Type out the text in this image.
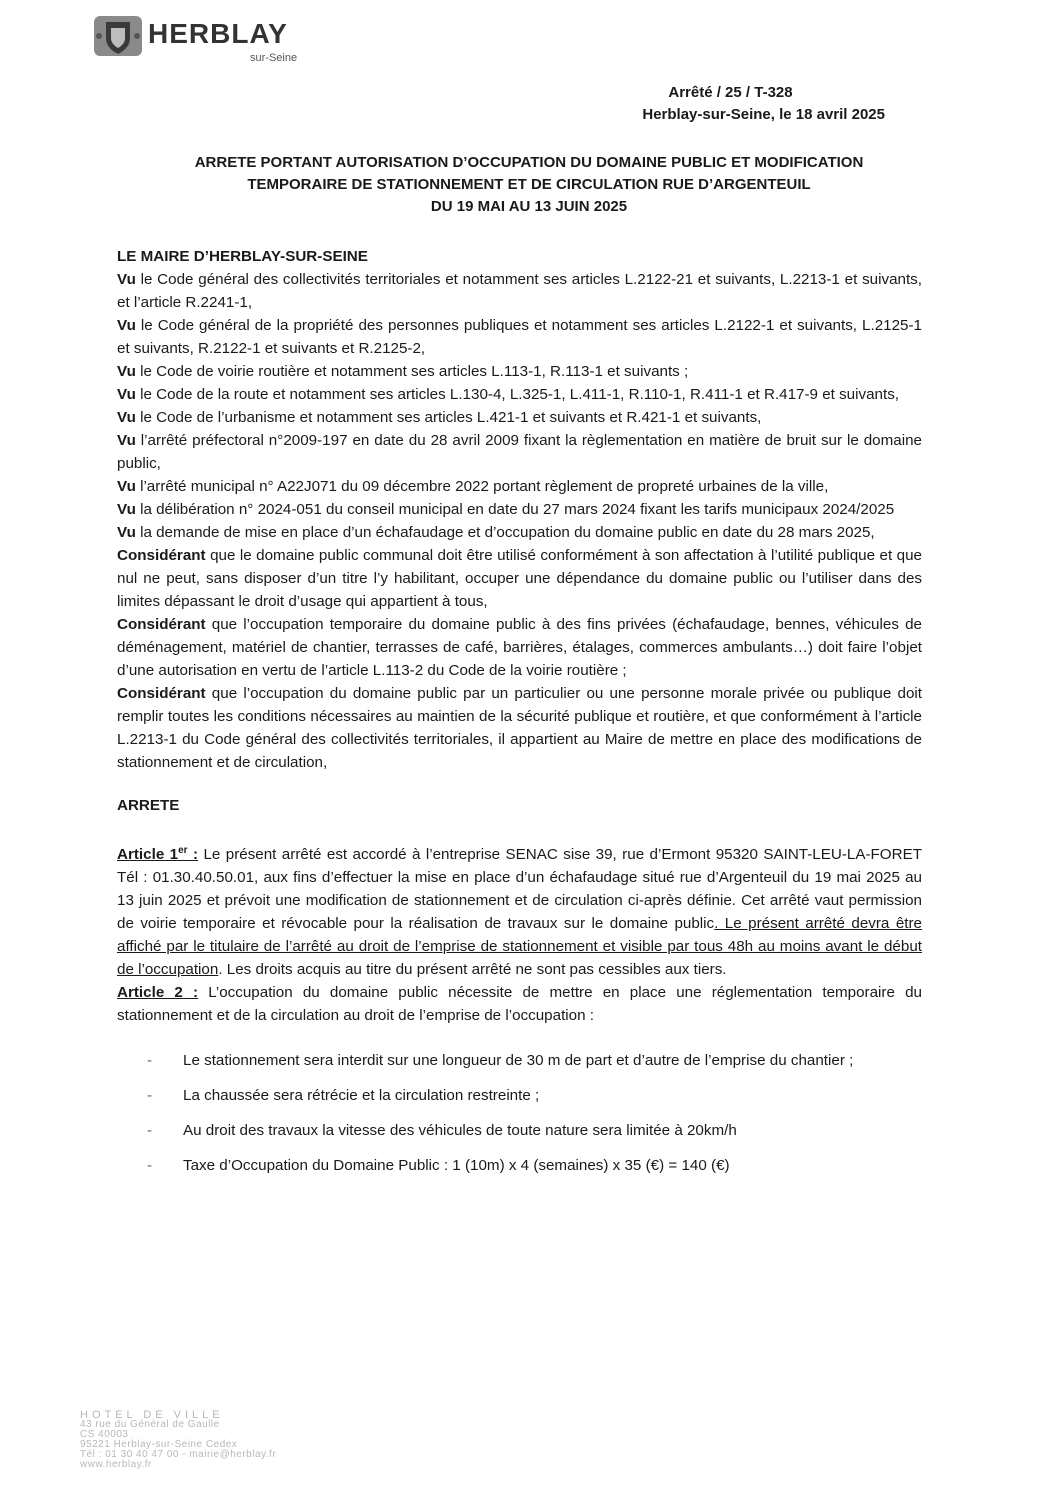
HERBLAY
sur-Seine
Arrêté / 25 / T-328
Herblay-sur-Seine, le 18 avril 2025
ARRETE PORTANT AUTORISATION D’OCCUPATION DU DOMAINE PUBLIC ET MODIFICATION
TEMPORAIRE DE STATIONNEMENT ET DE CIRCULATION RUE D’ARGENTEUIL
DU 19 MAI AU 13 JUIN 2025

LE MAIRE D’HERBLAY-SUR-SEINE

Vu le Code général des collectivités territoriales et notamment ses articles L.2122-21 et suivants, L.2213-1 et suivants, et l’article R.2241-1,

Vu le Code général de la propriété des personnes publiques et notamment ses articles L.2122-1 et suivants, L.2125-1 et suivants, R.2122-1 et suivants et R.2125-2,

Vu le Code de voirie routière et notamment ses articles L.113-1, R.113-1 et suivants ;

Vu le Code de la route et notamment ses articles L.130-4, L.325-1, L.411-1, R.110-1, R.411-1 et R.417-9 et suivants,

Vu le Code de l’urbanisme et notamment ses articles L.421-1 et suivants et R.421-1 et suivants,

Vu l’arrêté préfectoral n°2009-197 en date du 28 avril 2009 fixant la règlementation en matière de bruit sur le domaine public,

Vu l’arrêté municipal n° A22J071 du 09 décembre 2022 portant règlement de propreté urbaines de la ville,

Vu la délibération n° 2024-051 du conseil municipal en date du 27 mars 2024 fixant les tarifs municipaux 2024/2025

Vu la demande de mise en place d’un échafaudage et d’occupation du domaine public en date du 28 mars 2025,

Considérant que le domaine public communal doit être utilisé conformément à son affectation à l’utilité publique et que nul ne peut, sans disposer d’un titre l’y habilitant, occuper une dépendance du domaine public ou l’utiliser dans des limites dépassant le droit d’usage qui appartient à tous,

Considérant que l’occupation temporaire du domaine public à des fins privées (échafaudage, bennes, véhicules de déménagement, matériel de chantier, terrasses de café, barrières, étalages, commerces ambulants…) doit faire l’objet d’une autorisation en vertu de l’article L.113-2 du Code de la voirie routière ;

Considérant que l’occupation du domaine public par un particulier ou une personne morale privée ou publique doit remplir toutes les conditions nécessaires au maintien de la sécurité publique et routière, et que conformément à l’article L.2213-1 du Code général des collectivités territoriales, il appartient au Maire de mettre en place des modifications de stationnement et de circulation,

ARRETE

Article 1er : Le présent arrêté est accordé à l’entreprise SENAC sise 39, rue d’Ermont 95320 SAINT-LEU-LA-FORET Tél : 01.30.40.50.01, aux fins d’effectuer la mise en place d’un échafaudage situé rue d’Argenteuil du 19 mai 2025 au 13 juin 2025 et prévoit une modification de stationnement et de circulation ci-après définie. Cet arrêté vaut permission de voirie temporaire et révocable pour la réalisation de travaux sur le domaine public. Le présent arrêté devra être affiché par le titulaire de l’arrêté au droit de l’emprise de stationnement et visible par tous 48h au moins avant le début de l’occupation. Les droits acquis au titre du présent arrêté ne sont pas cessibles aux tiers.

Article 2 : L’occupation du domaine public nécessite de mettre en place une réglementation temporaire du stationnement et de la circulation au droit de l’emprise de l’occupation :

- Le stationnement sera interdit sur une longueur de 30 m de part et d’autre de l’emprise du chantier ;
- La chaussée sera rétrécie et la circulation restreinte ;
- Au droit des travaux la vitesse des véhicules de toute nature sera limitée à 20km/h
- Taxe d’Occupation du Domaine Public : 1 (10m) x 4 (semaines) x 35 (€) = 140 (€)
HOTEL DE VILLE
43 rue du Général de Gaulle
CS 40003
95221 Herblay-sur-Seine Cedex
Tél : 01 30 40 47 00 - mairie@herblay.fr
www.herblay.fr
